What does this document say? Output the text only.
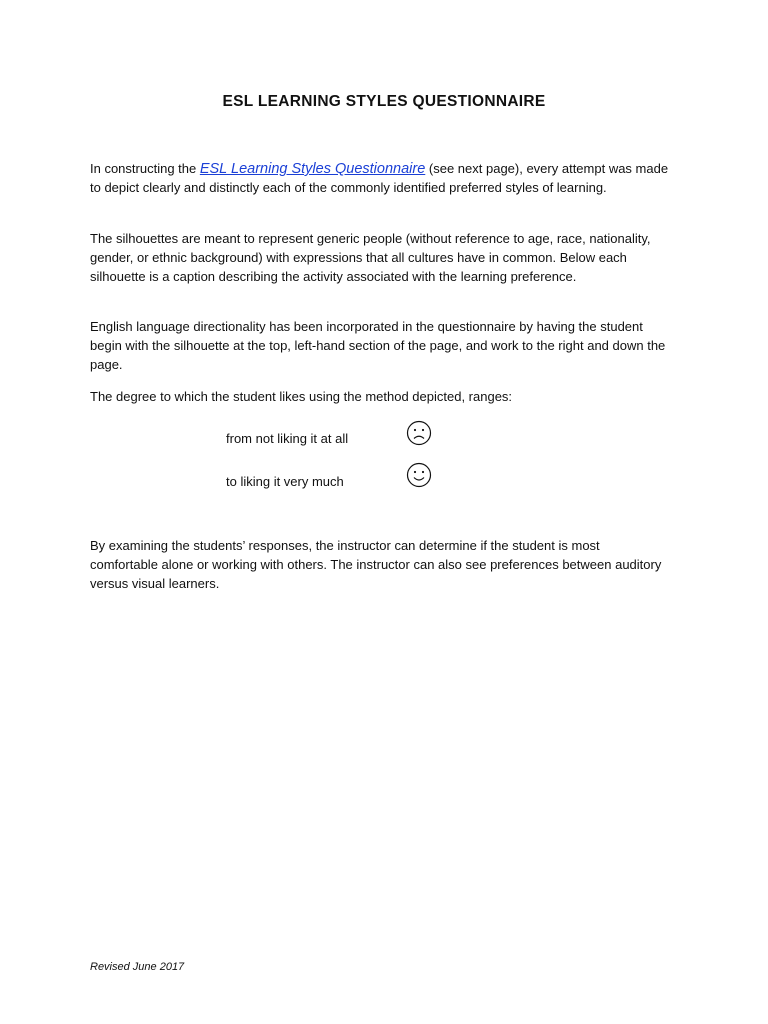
ESL LEARNING STYLES QUESTIONNAIRE
In constructing the ESL Learning Styles Questionnaire (see next page), every attempt was made to depict clearly and distinctly each of the commonly identified preferred styles of learning.
The silhouettes are meant to represent generic people (without reference to age, race, nationality, gender, or ethnic background) with expressions that all cultures have in common. Below each silhouette is a caption describing the activity associated with the learning preference.
English language directionality has been incorporated in the questionnaire by having the student begin with the silhouette at the top, left-hand section of the page, and work to the right and down the page.
The degree to which the student likes using the method depicted, ranges:
from not liking it at all
to liking it very much
By examining the students’ responses, the instructor can determine if the student is most comfortable alone or working with others. The instructor can also see preferences between auditory versus visual learners.
Revised June 2017
